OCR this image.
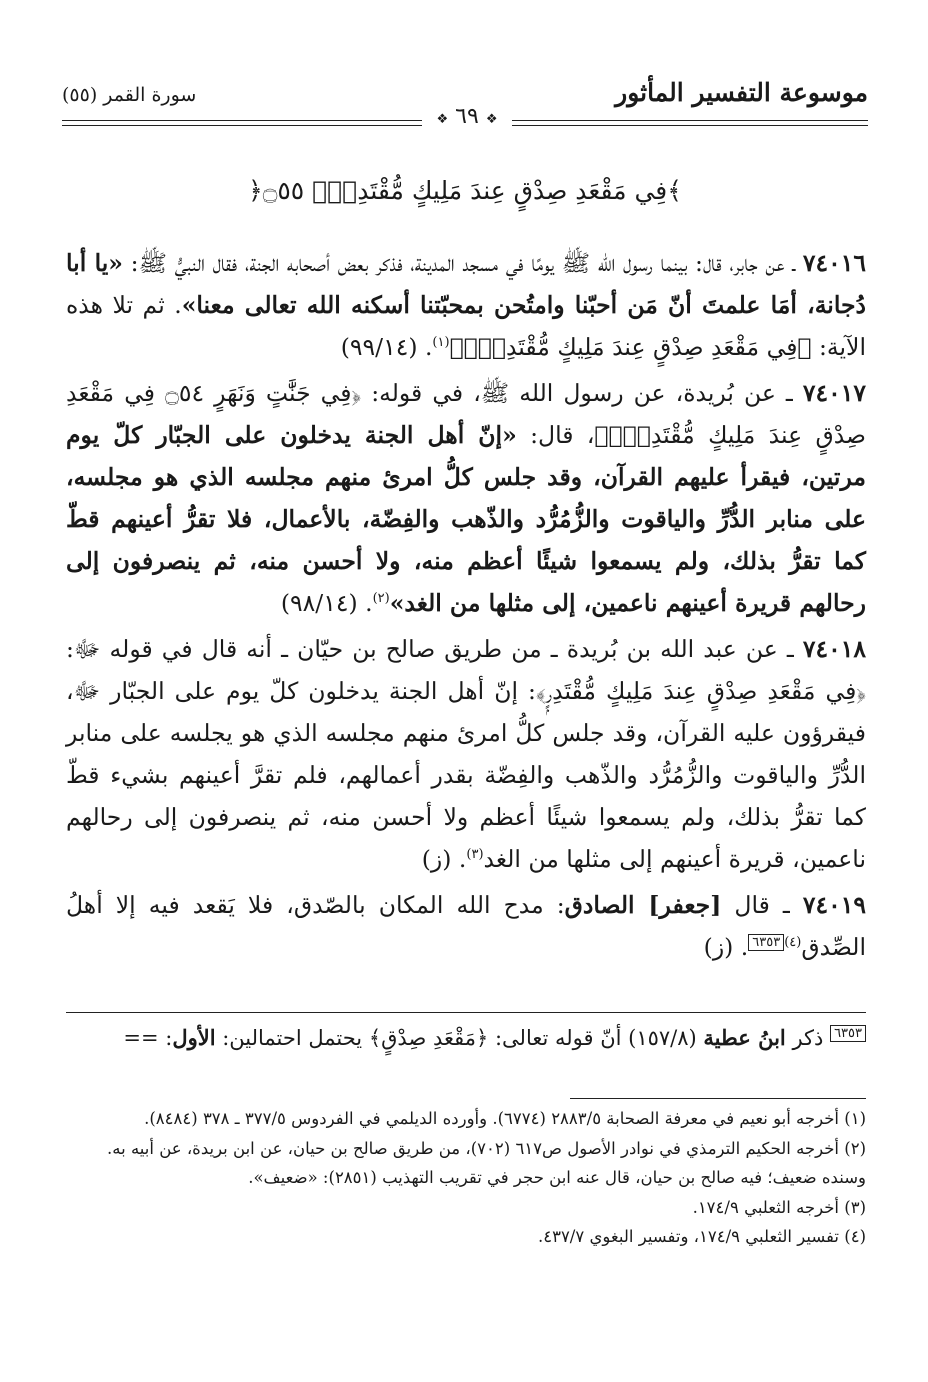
سورة القمر (٥٥)	موسوعة التفسير المأثور
❖ ٦٩ ❖
﴿فِي مَقْعَدِ صِدْقٍ عِندَ مَلِيكٍ مُّقْتَدِرٍۭ ۝٥٥﴾

٧٤٠١٦ ـ عن جابر، قال: بينما رسول الله ﷺ يومًا في مسجد المدينة، فذكر بعض أصحابه الجنة، فقال النبيُّ ﷺ: «يا أبا دُجانة، أمَا علمتَ أنّ مَن أحبّنا وامتُحن بمحبّتنا أسكنه الله تعالى معنا». ثم تلا هذه الآية: ﴿فِي مَقْعَدِ صِدْقٍ عِندَ مَلِيكٍ مُّقْتَدِرٍۭ﴾$^{(١)}$. (٩٩/١٤)

٧٤٠١٧ ـ عن بُريدة، عن رسول الله ﷺ، في قوله: ﴿فِي جَنَّٰتٍ وَنَهَرٍ ۝٥٤ فِي مَقْعَدِ صِدْقٍ عِندَ مَلِيكٍ مُّقْتَدِرٍۭ﴾، قال: «إنّ أهل الجنة يدخلون على الجبّار كلّ يوم مرتين، فيقرأ عليهم القرآن، وقد جلس كلُّ امرئ منهم مجلسه الذي هو مجلسه، على منابر الدُّرِّ والياقوت والزُّمُرُّد والذّهب والفِضّة، بالأعمال، فلا تقرُّ أعينهم قطّ كما تقرُّ بذلك، ولم يسمعوا شيئًا أعظم منه، ولا أحسن منه، ثم ينصرفون إلى رحالهم قريرة أعينهم ناعمين، إلى مثلها من الغد»$^{(٢)}$. (٩٨/١٤)

٧٤٠١٨ ـ عن عبد الله بن بُريدة ـ من طريق صالح بن حيّان ـ أنه قال في قوله ﷻ: ﴿فِي مَقْعَدِ صِدْقٍ عِندَ مَلِيكٍ مُّقْتَدِرٍۭ﴾: إنّ أهل الجنة يدخلون كلّ يوم على الجبّار ﷻ، فيقرؤون عليه القرآن، وقد جلس كلُّ امرئ منهم مجلسه الذي هو يجلسه على منابر الدُّرِّ والياقوت والزُّمُرُّد والذّهب والفِضّة بقدر أعمالهم، فلم تقرَّ أعينهم بشيء قطّ كما تقرُّ بذلك، ولم يسمعوا شيئًا أعظم ولا أحسن منه، ثم ينصرفون إلى رحالهم ناعمين، قريرة أعينهم إلى مثلها من الغد$^{(٣)}$. (ز)

٧٤٠١٩ ـ قال [جعفر] الصادق: مدح الله المكان بالصّدق، فلا يَقعد فيه إلا أهلُ الصِّدق$^{(٤)}$٦٣٥٣. (ز)

٦٣٥٣ ذكر ابنُ عطية (١٥٧/٨) أنّ قوله تعالى: ﴿مَقْعَدِ صِدْقٍ﴾ يحتمل احتمالين: الأول: ==

(١) أخرجه أبو نعيم في معرفة الصحابة ٢٨٨٣/٥ (٦٧٧٤). وأورده الديلمي في الفردوس ٣٧٧/٥ ـ ٣٧٨ (٨٤٨٤).

(٢) أخرجه الحكيم الترمذي في نوادر الأصول ص٦١٧ (٧٠٢)، من طريق صالح بن حيان، عن ابن بريدة، عن أبيه به.

وسنده ضعيف؛ فيه صالح بن حيان، قال عنه ابن حجر في تقريب التهذيب (٢٨٥١): «ضعيف».

(٣) أخرجه الثعلبي ١٧٤/٩.

(٤) تفسير الثعلبي ١٧٤/٩، وتفسير البغوي ٤٣٧/٧.
